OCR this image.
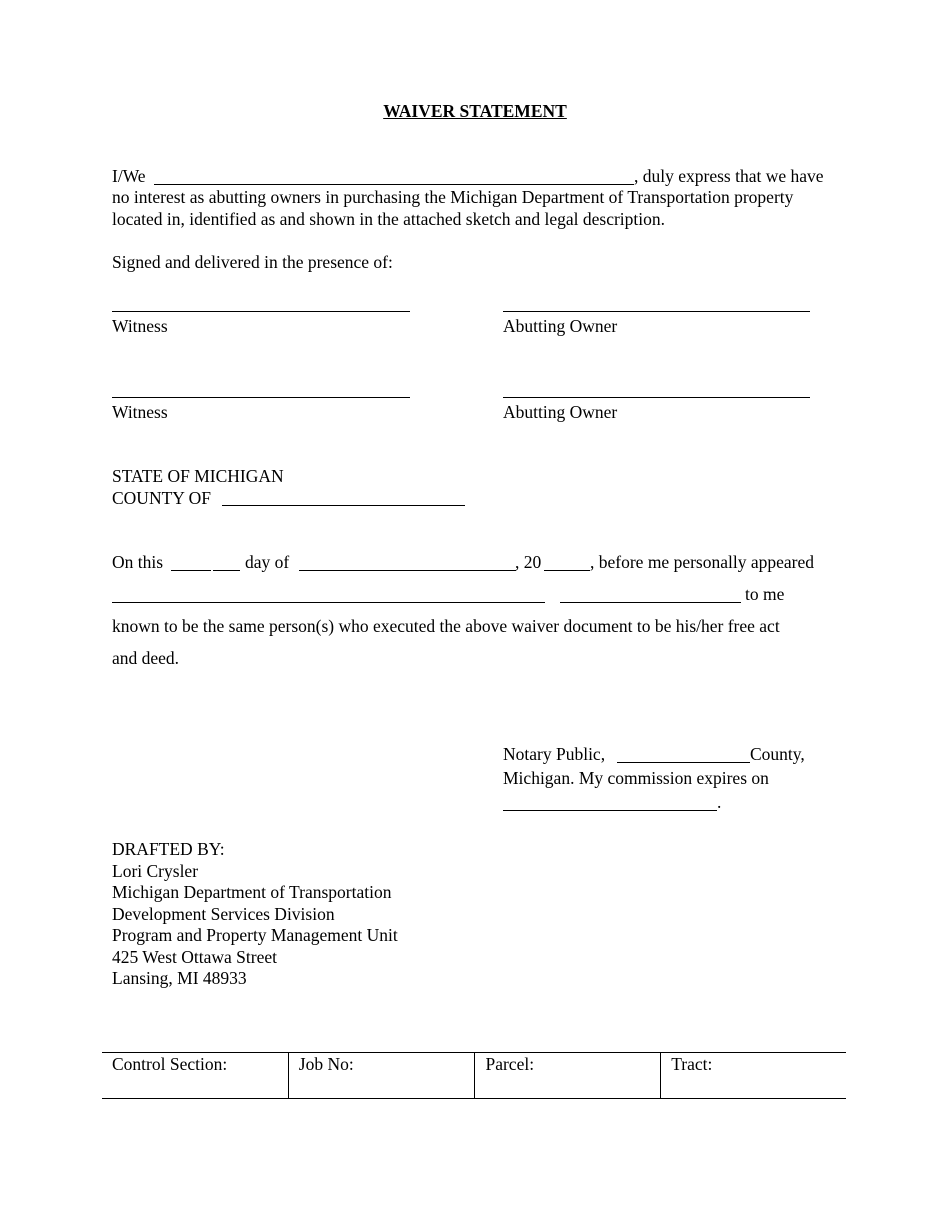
WAIVER STATEMENT
I/We	, duly express that we have
no interest as abutting owners in purchasing the Michigan Department of Transportation property
located in, identified as and shown in the attached sketch and legal description.
Signed and delivered in the presence of:
Witness	Abutting Owner
Witness	Abutting Owner
STATE OF MICHIGAN
COUNTY OF
On this	day of	, 20	, before me personally appeared
to me
known to be the same person(s) who executed the above waiver document to be his/her free act
and deed.
Notary Public,	County,
Michigan. My commission expires on
.
DRAFTED BY:
Lori Crysler
Michigan Department of Transportation
Development Services Division
Program and Property Management Unit
425 West Ottawa Street
Lansing, MI 48933
Control Section:	Job No:	Parcel:	Tract:
